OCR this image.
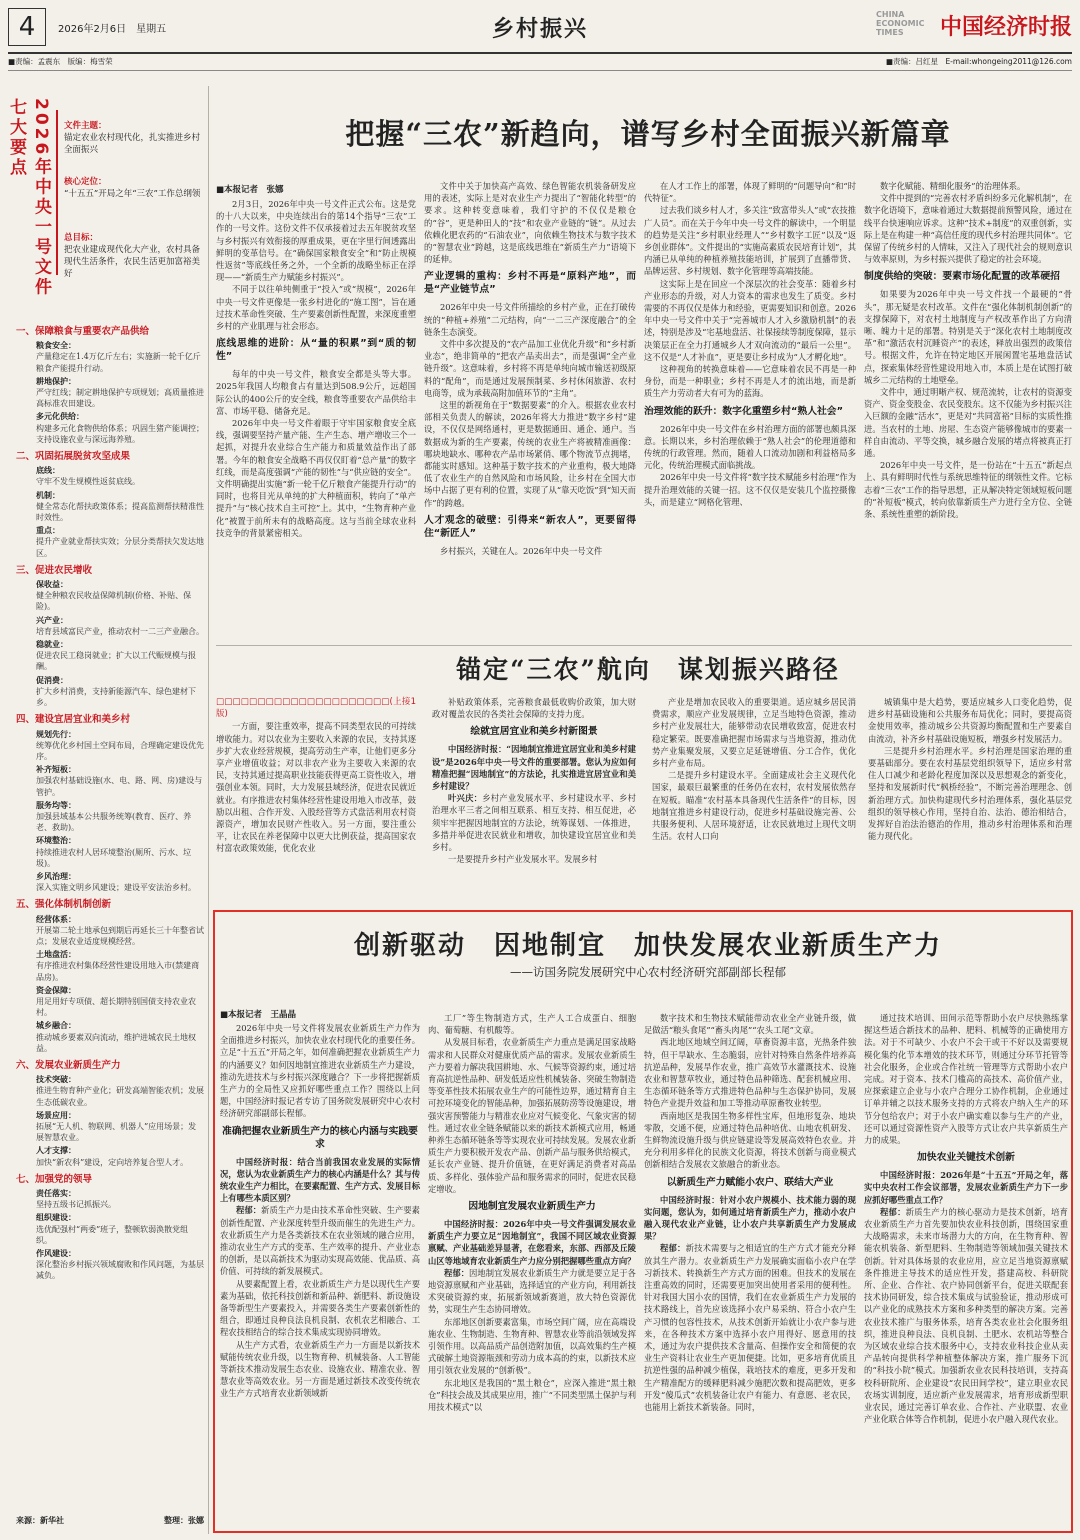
4	2026年2月6日　星期五	乡村振兴
CHINA ECONOMIC TIMES	中国经济时报
■责编：孟震东　版编：梅雪荣	■责编：吕红星　E-mail:whongeing2011@126.com
2026年中央一号文件七大要点	文件主题：
锚定农业农村现代化，扎实推进乡村全面振兴
核心定位：
“十五五”开局之年“三农”工作总纲领
总目标：
把农业建成现代化大产业，农村具备现代生活条件，农民生活更加富裕美好
一、保障粮食与重要农产品供给
粮食安全：
产量稳定在1.4万亿斤左右；实施新一轮千亿斤粮食产能提升行动。
耕地保护：
严守红线；制定耕地保护专项规划；高质量推进高标准农田建设。
多元化供给：
构建多元化食物供给体系；巩固生猪产能调控；支持设施农业与深远海养殖。
二、巩固拓展脱贫攻坚成果
底线：
守牢不发生规模性返贫底线。
机制：
健全常态化帮扶政策体系；提高监测帮扶精准性时效性。
重点：
提升产业就业帮扶实效；分层分类帮扶欠发达地区。
三、促进农民增收
保收益：
健全种粮农民收益保障机制(价格、补贴、保险)。
兴产业：
培育县域富民产业，推动农村一二三产业融合。
稳就业：
促进农民工稳岗就业；扩大以工代赈规模与报酬。
促消费：
扩大乡村消费，支持新能源汽车、绿色建材下乡。
四、建设宜居宜业和美乡村
规划先行：
统筹优化乡村国土空间布局，合理确定建设优先序。
补齐短板：
加强农村基础设施(水、电、路、网、房)建设与管护。
服务均等：
加强县域基本公共服务统筹(教育、医疗、养老、救助)。
环境整治：
持续推进农村人居环境整治(厕所、污水、垃圾)。
乡风治理：
深入实施文明乡风建设；建设平安法治乡村。
五、强化体制机制创新
经营体系：
开展第二轮土地承包到期后再延长三十年整省试点；发展农业适度规模经营。
土地盘活：
有序推进农村集体经营性建设用地入市(禁建商品房)。
资金保障：
用足用好专项债、超长期特别国债支持农业农村。
城乡融合：
推动城乡要素双向流动，维护进城农民土地权益。
六、发展农业新质生产力
技术突破：
推进生物育种产业化；研发高端智能农机；发展生态低碳农业。
场景应用：
拓展“无人机、物联网、机器人”应用场景；发展智慧农业。
人才支撑：
加快“新农科”建设，定向培养复合型人才。
七、加强党的领导
责任落实：
坚持五级书记抓振兴。
组织建设：
选优配强村“两委”班子，整顿软弱涣散党组织。
作风建设：
深化整治乡村振兴领域腐败和作风问题，为基层减负。
来源：新华社	整理：张娜
把握“三农”新趋向，谱写乡村全面振兴新篇章
■本报记者　张娜

2月3日，2026年中央一号文件正式公布。这是党的十八大以来，中央连续出台的第14个指导“三农”工作的一号文件。这份文件不仅承接着过去五年脱贫攻坚与乡村振兴有效衔接的厚重成果，更在字里行间透露出鲜明的变革信号。在“确保国家粮食安全”和“防止规模性返贫”等底线任务之外，一个全新的战略坐标正在浮现——“新质生产力赋能乡村振兴”。

不同于以往单纯侧重于“投入”或“规模”，2026年中央一号文件更像是一张乡村进化的“施工图”，旨在通过技术革命性突破、生产要素创新性配置，来深度重塑乡村的产业肌理与社会形态。

底线思维的进阶：从“量的积累”到“质的韧性”

每年的中央一号文件，粮食安全都是头等大事。2025年我国人均粮食占有量达到508.9公斤，远超国际公认的400公斤的安全线，粮食等重要农产品供给丰富、市场平稳、储备充足。

2026年中央一号文件着眼于守牢国家粮食安全底线，强调要坚持产量产能、生产生态、增产增收三个一起抓，对提升农业综合生产能力和质量效益作出了部署。今年的粮食安全战略不再仅仅盯着“总产量”的数字红线，而是高度强调“产能的韧性”与“供应链的安全”。文件明确提出实施“新一轮千亿斤粮食产能提升行动”的同时，也将目光从单纯的扩大种植面积，转向了“单产提升”与“核心技术自主可控”上。其中，“生物育种产业化”被置于前所未有的战略高度。这与当前全球农业科技竞争的背景紧密相关。

文件中关于加快高产高效、绿色智能农机装备研发应用的表述，实际上是对农业生产力提出了“智能化转型”的要求。这种转变意味着，我们守护的不仅仅是粮仓的“谷”，更是种田人的“技”和农业产业链的“链”。从过去依赖化肥农药的“石油农业”，向依赖生物技术与数字技术的“智慧农业”跨越，这是底线思维在“新质生产力”语境下的延伸。

产业逻辑的重构：乡村不再是“原料产地”，而是“产业链节点”

2026年中央一号文件所描绘的乡村产业，正在打破传统的“种植+养殖”二元结构，向“一二三产深度融合”的全链条生态演变。

文件中多次提及的“农产品加工业优化升级”和“乡村新业态”，绝非简单的“把农产品卖出去”，而是强调“全产业链升级”。这意味着，乡村将不再是单纯向城市输送初级原料的“配角”，而是通过发展预制菜、乡村休闲旅游、农村电商等，成为承载高附加值环节的“主角”。

这里的新视角在于“数据要素”的介入。根据农业农村部相关负责人的解读，2026年将大力推进“数字乡村”建设，不仅仅是网络通村，更是数据通田、通企、通户。当数据成为新的生产要素，传统的农业生产将被精准画像：哪块地缺水、哪种农产品市场紧俏、哪个物流节点拥堵，都能实时感知。这种基于数字技术的产业重构，极大地降低了农业生产的自然风险和市场风险，让乡村在全国大市场中占据了更有利的位置，实现了从“靠天吃饭”到“知天而作”的跨越。

人才观念的破壁：引得来“新农人”，更要留得住“新匠人”

乡村振兴，关键在人。2026年中央一号文件

在人才工作上的部署，体现了鲜明的“问题导向”和“时代特征”。

过去我们谈乡村人才，多关注“致富带头人”或“农技推广人员”。而在关于今年中央一号文件的解读中，一个明显的趋势是关注“乡村职业经理人”“乡村数字工匠”以及“返乡创业群体”。文件提出的“实施高素质农民培育计划”，其内涵已从单纯的种植养殖技能培训，扩展到了直播带货、品牌运营、乡村规划、数字化管理等高端技能。

这实际上是在回应一个深层次的社会变革：随着乡村产业形态的升级，对人力资本的需求也发生了质变。乡村需要的不再仅仅是体力和经验，更需要知识和创意。2026年中央一号文件中关于“完善城市人才入乡激励机制”的表述，特别是涉及“宅基地盘活、社保接续等制度保障，显示决策层正在全力打通城乡人才双向流动的“最后一公里”。这不仅是“人才补血”，更是要让乡村成为“人才孵化地”。

这种视角的转换意味着——它意味着农民不再是一种身份，而是一种职业；乡村不再是人才的流出地，而是新质生产力劳动者大有可为的蓝海。

治理效能的跃升：数字化重塑乡村“熟人社会”

2026年中央一号文件在乡村治理方面的部署也颇具深意。长期以来，乡村治理依赖于“熟人社会”的伦理道德和传统的行政管理。然而，随着人口流动加剧和利益格局多元化，传统治理模式面临挑战。

2026年中央一号文件将“数字技术赋能乡村治理”作为提升治理效能的关键一招。这不仅仅是安装几个监控摄像头，而是建立“网格化管理、

数字化赋能、精细化服务”的治理体系。

文件中提到的“完善农村矛盾纠纷多元化解机制”，在数字化语境下，意味着通过大数据提前预警风险，通过在线平台快速响应诉求。这种“技术+制度”的双重创新，实际上是在构建一种“高信任度的现代乡村治理共同体”。它保留了传统乡村的人情味，又注入了现代社会的规则意识与效率原则，为乡村振兴提供了稳定的社会环境。

制度供给的突破：要素市场化配置的改革硬招

如果要为2026年中央一号文件找一个最硬的“骨头”，那无疑是农村改革。文件在“强化体制机制创新”的支撑保障下，对农村土地制度与产权改革作出了方向清晰、魄力十足的部署。特别是关于“深化农村土地制度改革”和“激活农村沉睡资产”的表述，释放出强烈的政策信号。根据文件，允许在特定地区开展闲置宅基地盘活试点，探索集体经营性建设用地入市，本质上是在试图打破城乡二元结构的土地壁垒。

文件中，通过明晰产权、规范流转，让农村的资源变资产、资金变股金、农民变股东。这不仅能为乡村振兴注入巨额的金融“活水”，更是对“共同富裕”目标的实质性推进。当农村的土地、房屋、生态资产能够像城市的要素一样自由流动、平等交换，城乡融合发展的堵点将被真正打通。

2026年中央一号文件，是一份站在“十五五”新起点上、具有鲜明时代性与系统思维特征的纲领性文件。它标志着“三农”工作的指导思想，正从解决特定领域短板问题的“补短板”模式，转向依靠新质生产力进行全方位、全链条、系统性重塑的新阶段。

锚定“三农”航向　谋划振兴路径
□□□□□□□□□□□□□□□□□□□□□(上接1版)

一方面，要注重效率，提高不同类型农民的可持续增收能力。对以农业为主要收入来源的农民，支持其逐步扩大农业经营规模，提高劳动生产率，让他们更多分享产业增值收益；对以非农产业为主要收入来源的农民，支持其通过提高职业技能获得更高工资性收入，增强创业本领。同时，大力发展县域经济，促进农民就近就业。有序推进农村集体经营性建设用地入市改革，鼓励以出租、合作开发、入股经营等方式盘活利用农村资源资产，增加农民财产性收入。另一方面，要注重公平，让农民在养老保障中以更大比例获益，提高国家农村富农政策效能，优化农业

补贴政策体系，完善粮食最低收购价政策，加大财政对覆盖农民的各类社会保障的支持力度。

绘就宜居宜业和美乡村新图景

中国经济时报：“因地制宜推进宜居宜业和美乡村建设”是2026年中央一号文件的重要部署。您认为应如何精准把握“因地制宜”的方法论，扎实推进宜居宜业和美乡村建设？

叶兴庆：乡村产业发展水平、乡村建设水平、乡村治理水平三者之间相互联系、相互支持、相互促进，必须牢牢把握因地制宜的方法论，统筹谋划、一体推进，多措并举促进农民就业和增收，加快建设宜居宜业和美乡村。

一是要提升乡村产业发展水平。发展乡村

产业是增加农民收入的重要渠道。适应城乡居民消费需求，顺应产业发展规律，立足当地特色资源，推动乡村产业发展壮大，能够带动农民增收致富，促进农村稳定繁荣。既要准确把握市场需求与当地资源，推动优势产业集聚发展，又要立足延链增值、分工合作，优化乡村产业布局。

二是提升乡村建设水平。全面建成社会主义现代化国家，最艰巨最繁重的任务仍在农村，农村发展依然存在短板。瞄准“农村基本具备现代生活条件”的目标，因地制宜推进乡村建设行动，促进乡村基础设施完善、公共服务便利、人居环境舒适，让农民就地过上现代文明生活。农村人口向

城镇集中是大趋势，要适应城乡人口变化趋势，促进乡村基础设施和公共服务布局优化；同时，要提高资金使用效率，推动城乡公共资源均衡配置和生产要素自由流动，补齐乡村基础设施短板，增强乡村发展活力。

三是提升乡村治理水平。乡村治理是国家治理的重要基础部分。要在农村基层党组织领导下，适应乡村常住人口减少和老龄化程度加深以及思想观念的新变化，坚持和发展新时代“枫桥经验”，不断完善治理理念、创新治理方式。加快构建现代乡村治理体系，强化基层党组织的领导核心作用，坚持自治、法治、德治相结合，发挥好自治法治德治的作用，推动乡村治理体系和治理能力现代化。

创新驱动　因地制宜　加快发展农业新质生产力
——访国务院发展研究中心农村经济研究部副部长程郁
■本报记者　王晶晶

2026年中央一号文件将发展农业新质生产力作为全面推进乡村振兴，加快农业农村现代化的重要任务。立足“十五五”开局之年，如何准确把握农业新质生产力的内涵要义？如何因地制宜推进农业新质生产力建设，推动先进技术与乡村振兴深度融合？下一步将把握新质生产力的全局性又应抓好哪些重点工作？围绕以上问题，中国经济时报记者专访了国务院发展研究中心农村经济研究部副部长程郁。

准确把握农业新质生产力的核心内涵与实践要求

中国经济时报：结合当前我国农业发展的实际情况，您认为农业新质生产力的核心内涵是什么？其与传统农业生产力相比，在要素配置、生产方式、发展目标上有哪些本质区别？

程郁：新质生产力是由技术革命性突破、生产要素创新性配置、产业深度转型升级而催生的先进生产力。农业新质生产力是各类新技术在农业领域的融合应用，推动农业生产方式的变革、生产效率的提升、产业业态的创新，是以高新技术为驱动实现高效能、优品质、高价值、可持续的新发展模式。

从要素配置上看，农业新质生产力是以现代生产要素为基础，依托科技创新和新品种、新肥料、新设施设备等新型生产要素投入，并需要各类生产要素创新性的组合，即通过良种良法良机良制、农机农艺相融合、工程农技相结合的综合技术集成实现协同增效。

从生产方式看，农业新质生产力一方面是以新技术赋能传统农业升级，以生物育种、机械装备、人工智能等新技术推动发展生态农业、设施农业、精准农业、智慧农业等高效农业。另一方面是通过新技术改变传统农业生产方式培育农业新领域新

工厂”等生物制造方式，生产人工合成蛋白、细胞肉、葡萄糖、有机酸等。

从发展目标看，农业新质生产力重点是满足国家战略需求和人民群众对健康优质产品的需求。发展农业新质生产力要着力解决我国耕地、水、气候等资源约束，通过培育高抗逆性品种、研发低适应性机械装备、突破生物制造等变革性技术拓展农业生产的可能性边界，通过精育自主可控环境变化的智能品种，加强拓展防涝等设施建设，增强灾害预警能力与精准农业应对气候变化、气象灾害的韧性。通过农业全链条赋能以来的新技术新模式应用，畅通种养生态循环链条等等实现农业可持续发展。发展农业新质生产力要积极开发农产品、创新产品与服务供给模式，延长农产业链、提升价值链，在更好满足消费者对高品质、多样化、强体验产品和服务需求的同时，促进农民稳定增收。

因地制宜发展农业新质生产力

中国经济时报：2026年中央一号文件强调发展农业新质生产力要立足“因地制宜”，我国不同区域农业资源禀赋、产业基础差异显著，在您看来，东部、西部及丘陵山区等地域育农业新质生产力应分别把握哪些重点方向？

程郁：因地制宜发展农业新质生产力就是要立足于各地资源禀赋和产业基础，选择适宜的产业方向，利用新技术突破资源约束，拓展新领域新赛道，放大特色资源优势，实现生产生态协同增效。

东部地区创新要素富集，市场空间广阔，应在高端设施农业、生物制造、生物育种、智慧农业等前沿领域发挥引领作用。以高品质产品创造附加值，以高效集约生产模式破解土地资源瓶颈和劳动力成本高的约束，以新技术应用引领农业发展的“创新极”。

东北地区是我国的“黑土粮仓”，应深入推进“黑土粮仓”科技会战及其成果应用，推广“不同类型黑土保护与利用技术模式”以

数字技术和生物技术赋能带动农业全产业链升级，做足做活“粮头食尾”“畜头肉尾”“农头工尾”文章。

西北地区地域空间辽阔，草畜资源丰富，光热条件独特，但干旱缺水、生态脆弱，应针对特殊自然条件培养高抗逆品种，发展旱作农业，推广高效节水灌溉技术、设施农业和智慧草牧业，通过特色品种筛选、配套机械应用、生态循环链条等方式推进特色品种与生态保护协同，发展特色产业提升效益和加工等推动草原畜牧业转型。

西南地区是我国生物多样性宝库，但地形复杂、地块零散，交通不便，应通过特色品种培优、山地农机研发、生鲜物流设施升级与供应链建设等发展高效特色农业。并充分利用多样化的民族文化资源，将技术创新与商业模式创新相结合发展农文旅融合的新业态。

以新质生产力赋能小农户、联结大产业

中国经济时报：针对小农户规模小、技术能力弱的现实问题，您认为，如何通过培育新质生产力，推动小农户融入现代农业产业链，让小农户共享新质生产力发展成果？

程郁：新技术需要与之相适宜的生产方式才能充分释放其生产潜力。农业新质生产力发展确实面临小农户在学习新技术、转换新生产方式方面的困难。但技术的发展在注重高效的同时，还需要更加突出使用者采用的便利性。针对我国大国小农的国情，我们在农业新质生产力发展的技术路线上，首先应该选择小农户易采纳、符合小农户生产习惯的包容性技术，从技术创新开始就让小农户参与进来，在各种技术方案中选择小农户用得好、愿意用的技术，通过为农户提供技术含量高、但操作安全和简便的农业生产资料让农业生产更加便捷。比如，更多培育优质且抗逆性强的品种减少植保，栽培技术的难度，更多开发和生产精准配方的缓释肥料减少施肥次数和提高肥效，更多开发“傻瓜式”农机装备让农户有能力、有意愿、老农民，也能用上新技术新装备。同时，

通过技术培训、田间示范等帮助小农户尽快熟练掌握这些适合新技术的品种、肥料、机械等的正确使用方法。对于不可缺少、小农户不会干或干不好以及需要规模化集约化节本增效的技术环节，则通过分环节托管等社会化服务，企业或合作社统一管理等方式帮助小农户完成。对于资本、技术门槛高的高技术、高价值产业，应探索建立企业与小农户合理分工协作机制，企业通过订单并辅之以技术服务支持的方式将农户纳入生产的环节分包给农户；对于小农户确实难以参与生产的产业，还可以通过资源性资产入股等方式让农户共享新质生产力的成果。

加快农业关键技术创新

中国经济时报：2026年是“十五五”开局之年，落实中央农村工作会议部署，发展农业新质生产力下一步应抓好哪些重点工作？

程郁：新质生产力的核心驱动力是技术创新，培育农业新质生产力首先要加快农业科技创新，围绕国家重大战略需求，未来市场潜力大的方向，在生物育种、智能农机装备、新型肥料、生物制造等领域加强关键技术创新。针对具体场景的农业应用，应立足当地资源禀赋条件推进主导技术的适应性开发，搭建高校、科研院所、企业、合作社、农户协同创新平台，促进关联配套技术协同研发，综合技术集成与试验验证，推动形成可以产业化的成熟技术方案和多种类型的解决方案。完善农业技术推广与服务体系，培育各类农业社会化服务组织，推进良种良法、良机良制、土肥水、农机站等整合为区域农业综合技术服务中心，支持农业科技企业从卖产品转向提供科学种植整体解决方案，推广服务下沉的“科技小院”模式。加强新农业农民科技培训，支持高校科研院所、企业建设“农民田间学校”，建立职业农民农场实训制度，适应新产业发展需求，培育形成新型职业农民，通过完善订单农业、合作社、产业联盟、农业产业化联合体等合作机制，促进小农户融入现代农业。
